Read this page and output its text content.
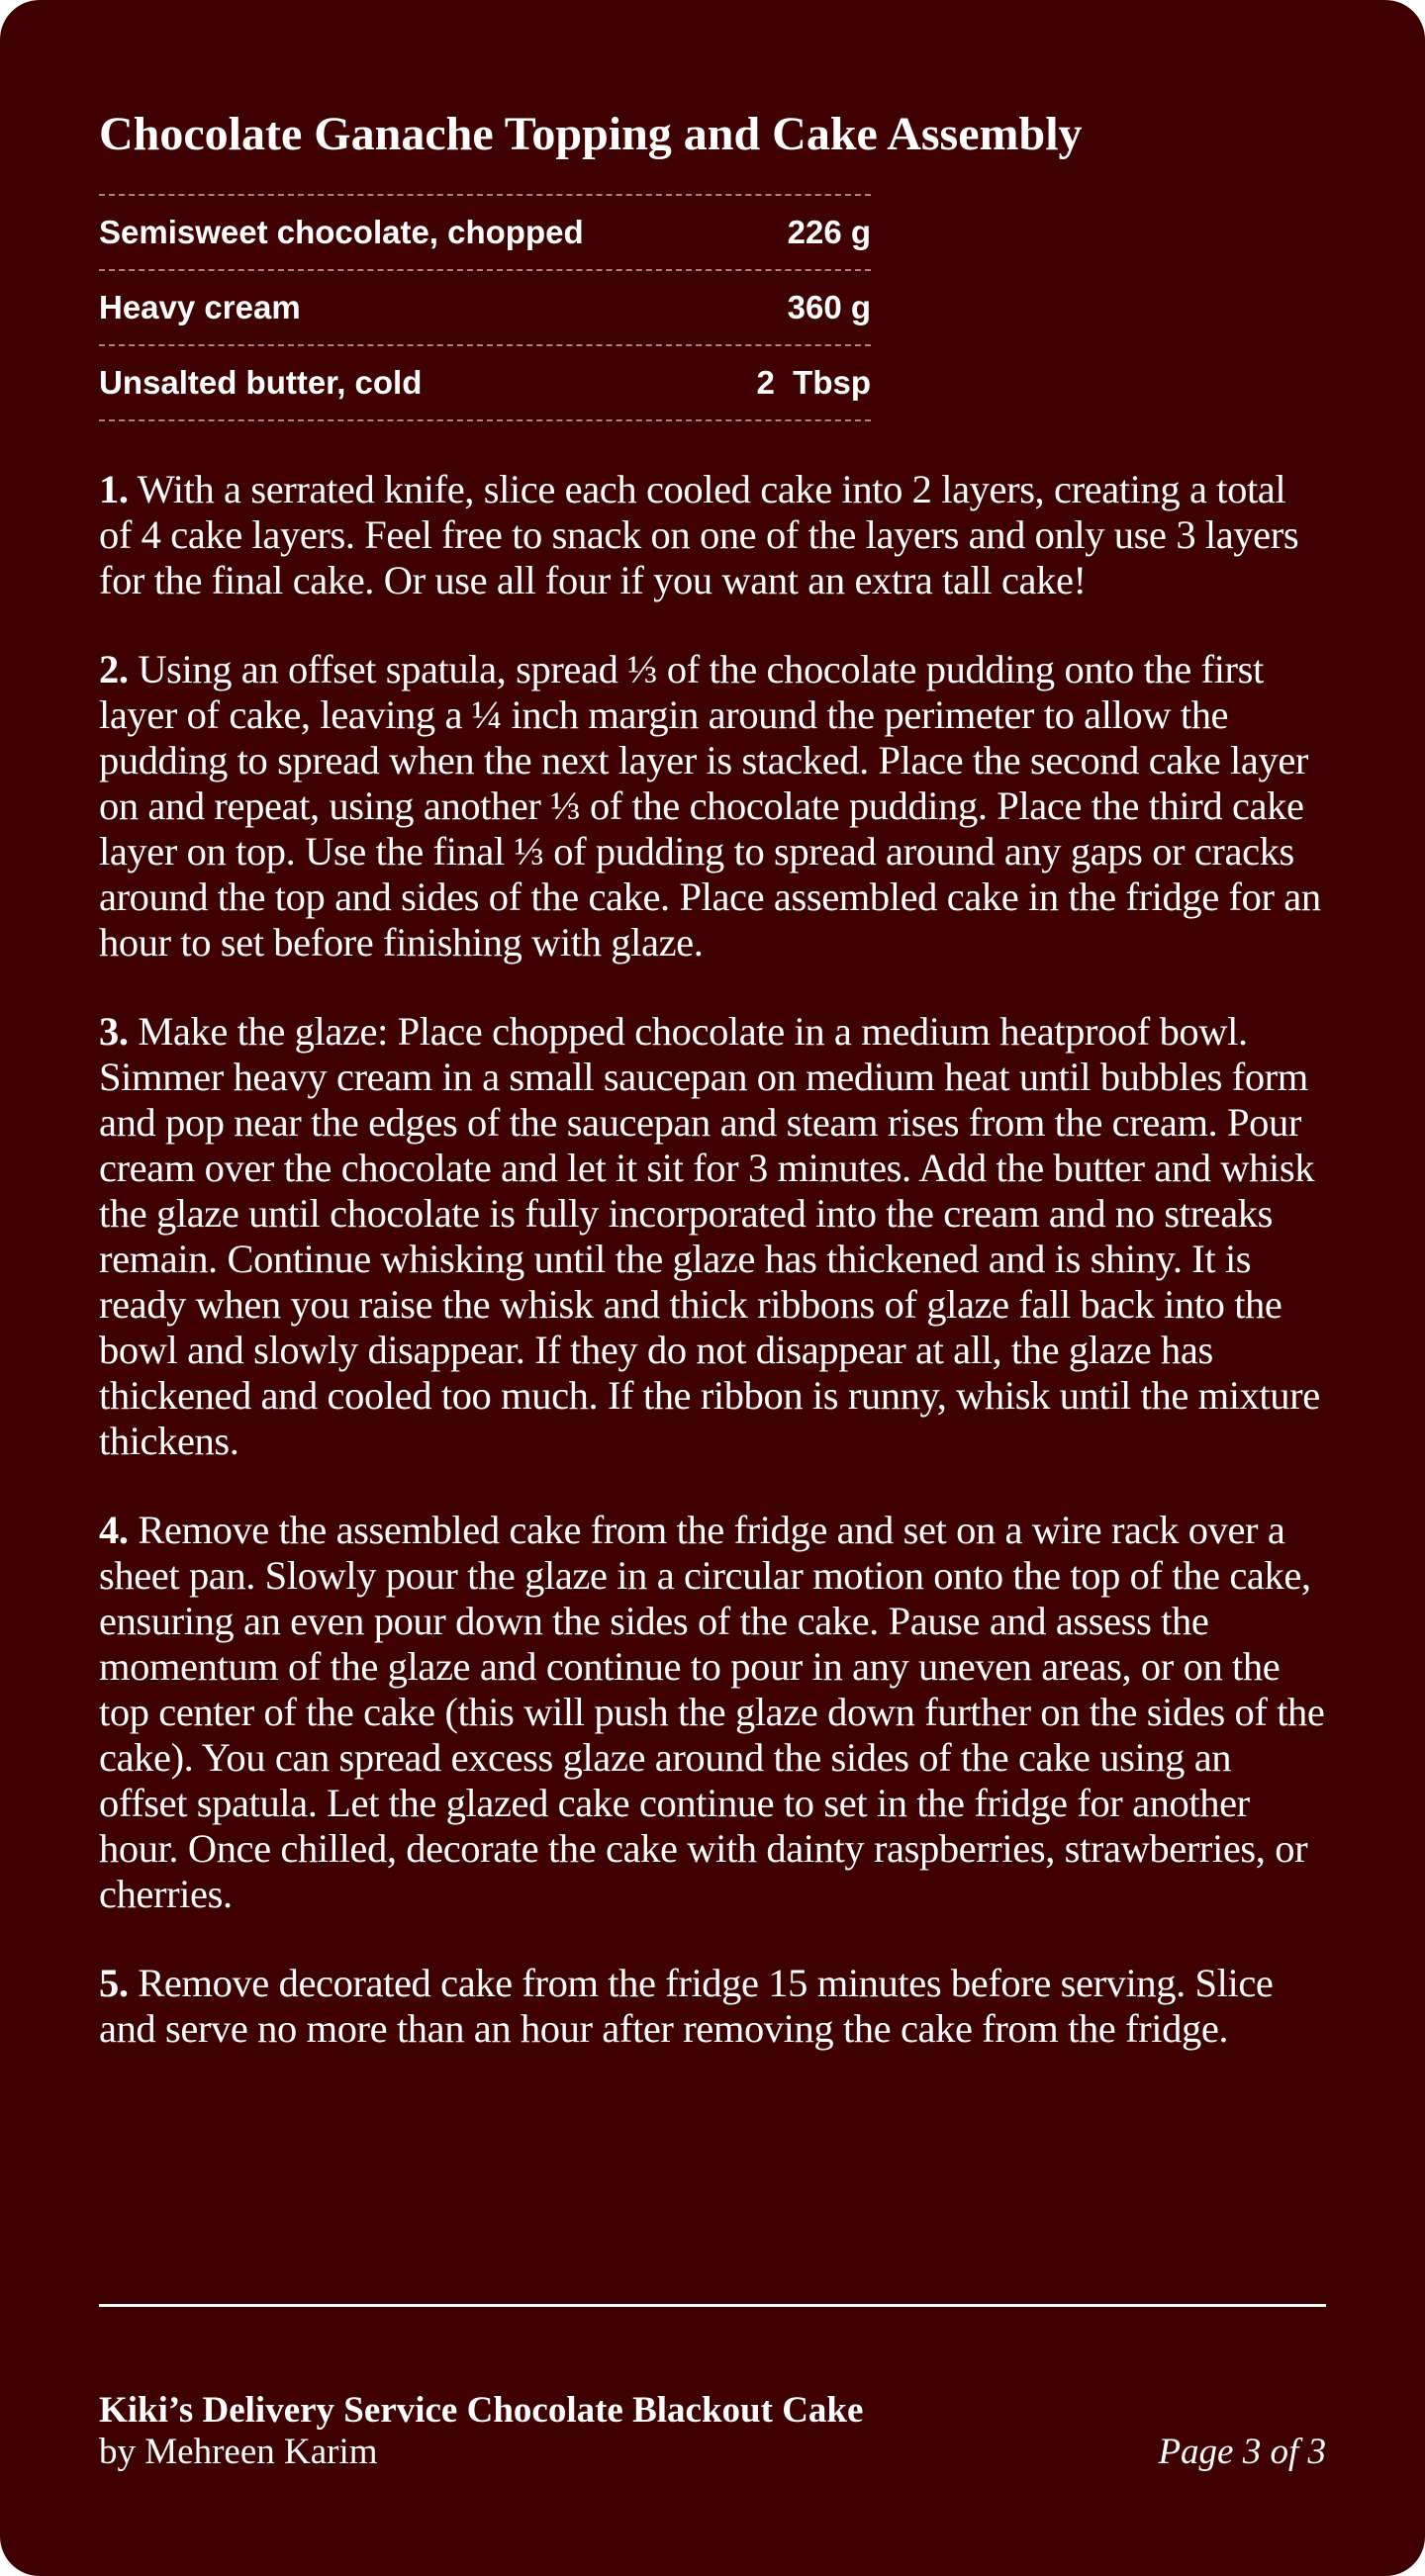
Chocolate Ganache Topping and Cake Assembly
Semisweet chocolate, chopped	226 g
Heavy cream	360 g
Unsalted butter, cold	2  Tbsp

1. With a serrated knife, slice each cooled cake into 2 layers, creating a total of 4 cake layers. Feel free to snack on one of the layers and only use 3 layers for the final cake. Or use all four if you want an extra tall cake!

2. Using an offset spatula, spread ⅓ of the chocolate pudding onto the first layer of cake, leaving a ¼ inch margin around the perimeter to allow the pudding to spread when the next layer is stacked. Place the second cake layer on and repeat, using another ⅓ of the chocolate pudding. Place the third cake layer on top. Use the final ⅓ of pudding to spread around any gaps or cracks around the top and sides of the cake. Place assembled cake in the fridge for an hour to set before finishing with glaze.

3. Make the glaze: Place chopped chocolate in a medium heatproof bowl. Simmer heavy cream in a small saucepan on medium heat until bubbles form and pop near the edges of the saucepan and steam rises from the cream. Pour cream over the chocolate and let it sit for 3 minutes. Add the butter and whisk the glaze until chocolate is fully incorporated into the cream and no streaks remain. Continue whisking until the glaze has thickened and is shiny. It is ready when you raise the whisk and thick ribbons of glaze fall back into the bowl and slowly disappear. If they do not disappear at all, the glaze has thickened and cooled too much. If the ribbon is runny, whisk until the mixture thickens.

4. Remove the assembled cake from the fridge and set on a wire rack over a sheet pan. Slowly pour the glaze in a circular motion onto the top of the cake, ensuring an even pour down the sides of the cake. Pause and assess the momentum of the glaze and continue to pour in any uneven areas, or on the top center of the cake (this will push the glaze down further on the sides of the cake). You can spread excess glaze around the sides of the cake using an offset spatula. Let the glazed cake continue to set in the fridge for another hour. Once chilled, decorate the cake with dainty raspberries, strawberries, or cherries.

5. Remove decorated cake from the fridge 15 minutes before serving. Slice and serve no more than an hour after removing the cake from the fridge.

Kiki’s Delivery Service Chocolate Blackout Cake
by Mehreen Karim	Page 3 of 3
